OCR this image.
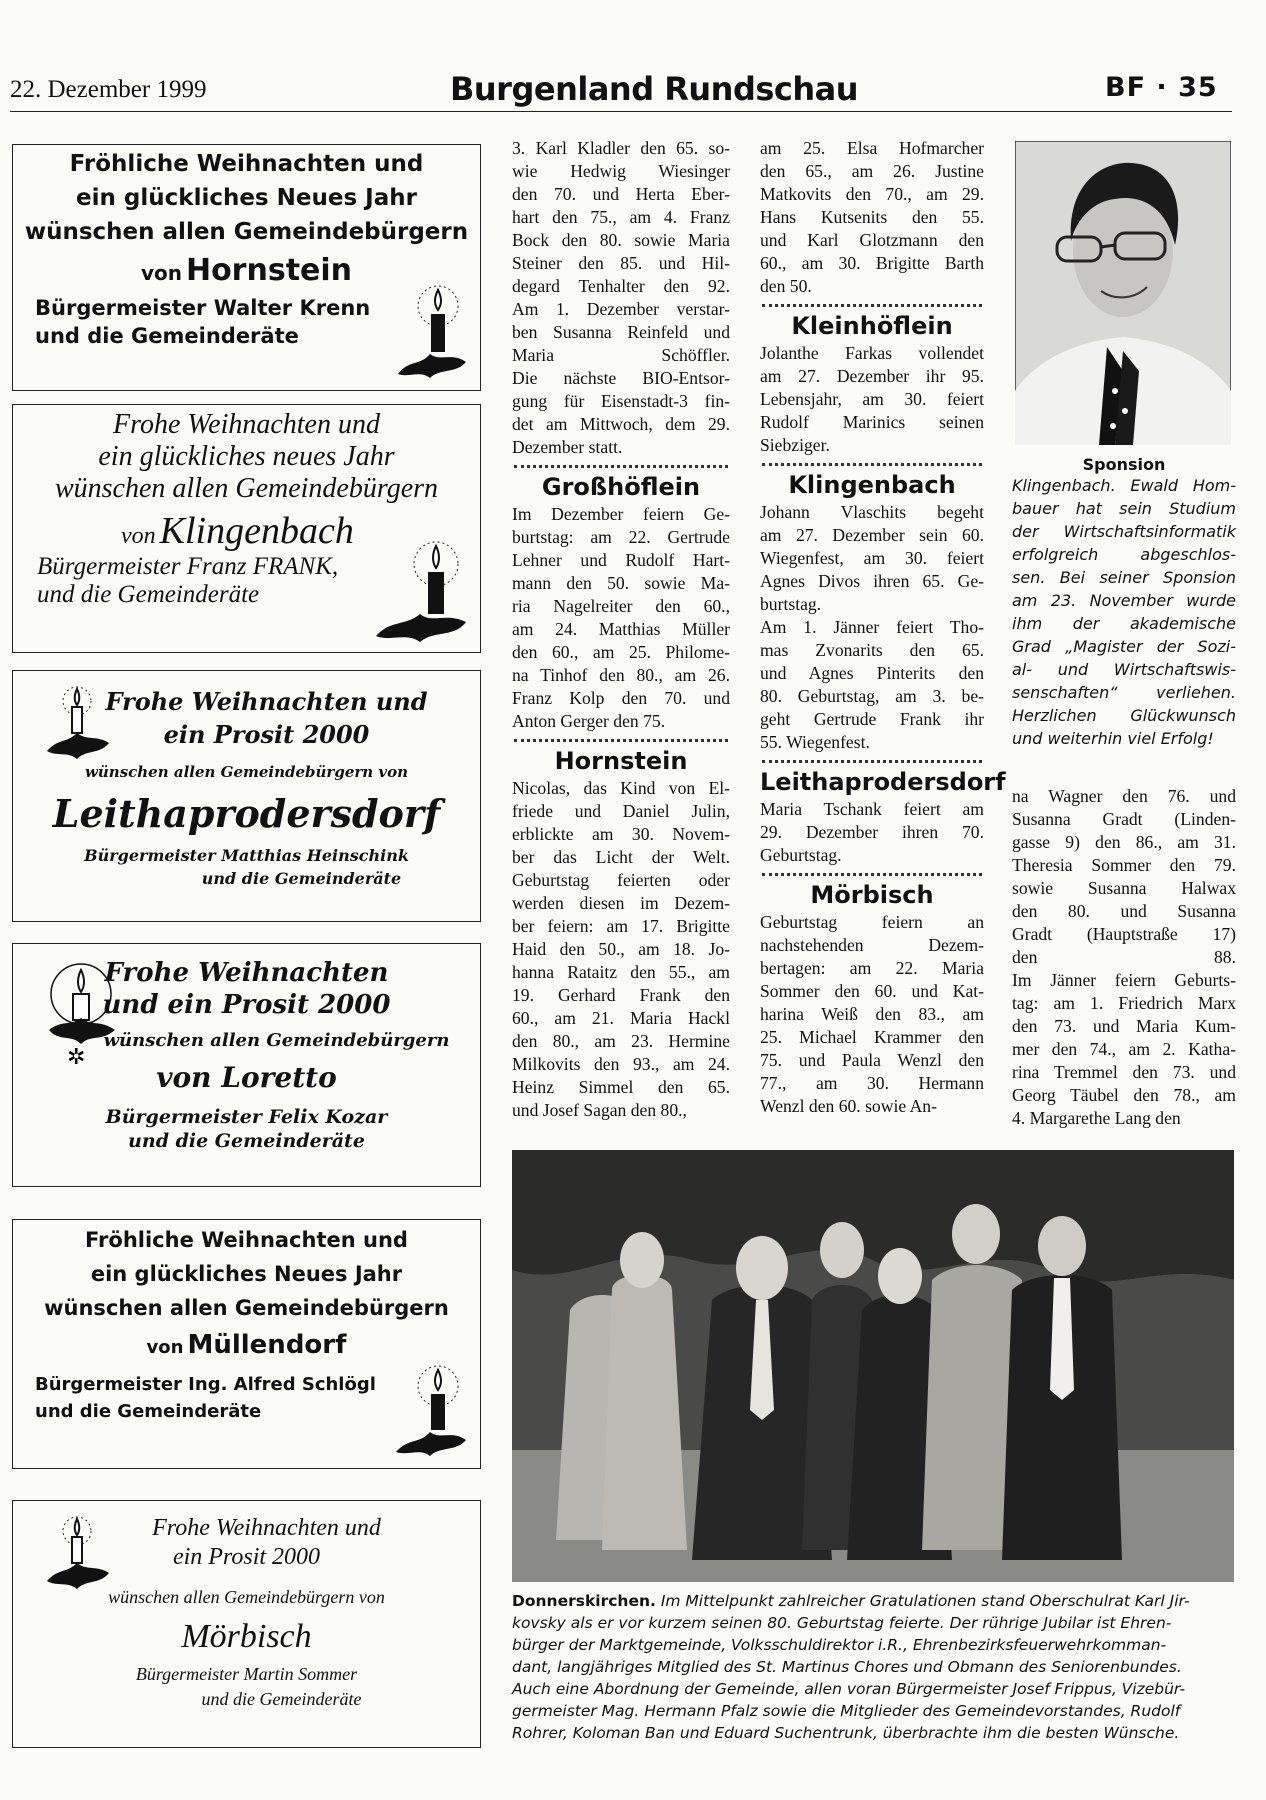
22. Dezember 1999	Burgenland Rundschau	BF · 35
Fröhliche Weihnachten und
ein glückliches Neues Jahr
wünschen allen Gemeindebürgern
von Hornstein
Bürgermeister Walter Krenn
und die Gemeinderäte
Frohe Weihnachten und
ein glückliches neues Jahr
wünschen allen Gemeindebürgern
von Klingenbach
Bürgermeister Franz FRANK,
und die Gemeinderäte
Frohe Weihnachten und
ein Prosit 2000
wünschen allen Gemeindebürgern von
Leithaprodersdorf
Bürgermeister Matthias Heinschink
und die Gemeinderäte
Frohe Weihnachten
und ein Prosit 2000
wünschen allen Gemeindebürgern
von Loretto
Bürgermeister Felix Kozar
und die Gemeinderäte
✲
Fröhliche Weihnachten und
ein glückliches Neues Jahr
wünschen allen Gemeindebürgern
von Müllendorf
Bürgermeister Ing. Alfred Schlögl
und die Gemeinderäte
Frohe Weihnachten und
ein Prosit 2000
wünschen allen Gemeindebürgern von
Mörbisch
Bürgermeister Martin Sommer
und die Gemeinderäte

3. Karl Kladler den 65. so-
wie Hedwig Wiesinger
den 70. und Herta Eber-
hart den 75., am 4. Franz
Bock den 80. sowie Maria
Steiner den 85. und Hil-
degard Tenhalter den 92.
Am 1. Dezember verstar-
ben Susanna Reinfeld und
Maria Schöffler.
Die nächste BIO-Entsor-
gung für Eisenstadt-3 fin-
det am Mittwoch, dem 29.
Dezember statt.

Großhöflein

Im Dezember feiern Ge-
burtstag: am 22. Gertrude
Lehner und Rudolf Hart-
mann den 50. sowie Ma-
ria Nagelreiter den 60.,
am 24. Matthias Müller
den 60., am 25. Philome-
na Tinhof den 80., am 26.
Franz Kolp den 70. und
Anton Gerger den 75.

Hornstein

Nicolas, das Kind von El-
friede und Daniel Julin,
erblickte am 30. Novem-
ber das Licht der Welt.
Geburtstag feierten oder
werden diesen im Dezem-
ber feiern: am 17. Brigitte
Haid den 50., am 18. Jo-
hanna Rataitz den 55., am
19. Gerhard Frank den
60., am 21. Maria Hackl
den 80., am 23. Hermine
Milkovits den 93., am 24.
Heinz Simmel den 65.
und Josef Sagan den 80.,

am 25. Elsa Hofmarcher
den 65., am 26. Justine
Matkovits den 70., am 29.
Hans Kutsenits den 55.
und Karl Glotzmann den
60., am 30. Brigitte Barth
den 50.

Kleinhöflein

Jolanthe Farkas vollendet
am 27. Dezember ihr 95.
Lebensjahr, am 30. feiert
Rudolf Marinics seinen
Siebziger.

Klingenbach

Johann Vlaschits begeht
am 27. Dezember sein 60.
Wiegenfest, am 30. feiert
Agnes Divos ihren 65. Ge-
burtstag.
Am 1. Jänner feiert Tho-
mas Zvonarits den 65.
und Agnes Pinterits den
80. Geburtstag, am 3. be-
geht Gertrude Frank ihr
55. Wiegenfest.

Leithaprodersdorf

Maria Tschank feiert am
29. Dezember ihren 70.
Geburtstag.

Mörbisch

Geburtstag feiern an
nachstehenden Dezem-
bertagen: am 22. Maria
Sommer den 60. und Kat-
harina Weiß den 83., am
25. Michael Krammer den
75. und Paula Wenzl den
77., am 30. Hermann
Wenzl den 60. sowie An-

Sponsion
Klingenbach. Ewald Hom-
bauer hat sein Studium
der Wirtschaftsinformatik
erfolgreich abgeschlos-
sen. Bei seiner Sponsion
am 23. November wurde
ihm der akademische
Grad „Magister der Sozi-
al- und Wirtschaftswis-
senschaften“ verliehen.
Herzlichen Glückwunsch
und weiterhin viel Erfolg!

na Wagner den 76. und
Susanna Gradt (Linden-
gasse 9) den 86., am 31.
Theresia Sommer den 79.
sowie Susanna Halwax
den 80. und Susanna
Gradt (Hauptstraße 17)
den 88.
Im Jänner feiern Geburts-
tag: am 1. Friedrich Marx
den 73. und Maria Kum-
mer den 74., am 2. Katha-
rina Tremmel den 73. und
Georg Täubel den 78., am
4. Margarethe Lang den

Donnerskirchen. Im Mittelpunkt zahlreicher Gratulationen stand Oberschulrat Karl Jir-
kovsky als er vor kurzem seinen 80. Geburtstag feierte. Der rührige Jubilar ist Ehren-
bürger der Marktgemeinde, Volksschuldirektor i.R., Ehrenbezirksfeuerwehrkomman-
dant, langjähriges Mitglied des St. Martinus Chores und Obmann des Seniorenbundes.
Auch eine Abordnung der Gemeinde, allen voran Bürgermeister Josef Frippus, Vizebür-
germeister Mag. Hermann Pfalz sowie die Mitglieder des Gemeindevorstandes, Rudolf
Rohrer, Koloman Ban und Eduard Suchentrunk, überbrachte ihm die besten Wünsche.
